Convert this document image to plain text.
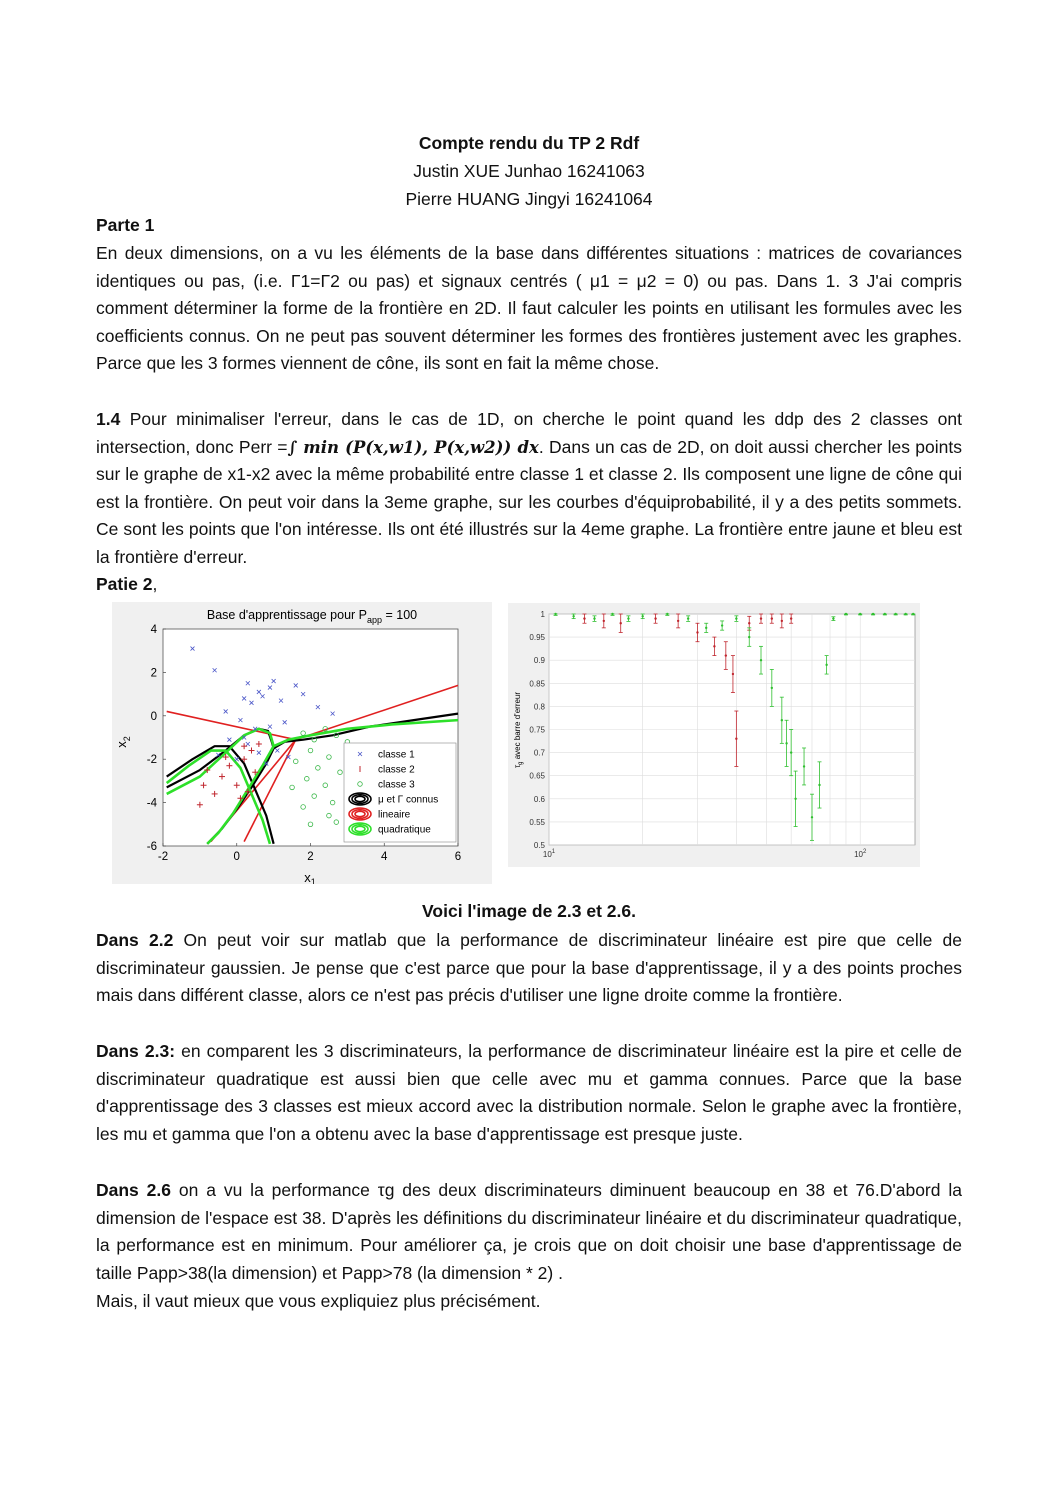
Compte rendu du TP 2 Rdf
Justin XUE Junhao 16241063
Pierre HUANG Jingyi 16241064
Parte 1

En deux dimensions, on a vu les éléments de la base dans différentes situations : matrices de covariances identiques ou pas, (i.e. Γ1=Γ2 ou pas) et signaux centrés ( μ1 = μ2 = 0) ou pas. Dans 1. 3 J'ai compris comment déterminer la forme de la frontière en 2D. Il faut calculer les points en utilisant les formules avec les coefficients connus. On ne peut pas souvent déterminer les formes des frontières justement avec les graphes. Parce que les 3 formes viennent de cône, ils sont en fait la même chose.

1.4 Pour minimaliser l'erreur, dans le cas de 1D, on cherche le point quand les ddp des 2 classes ont intersection, donc Perr =∫ min (P(x,w1), P(x,w2)) dx. Dans un cas de 2D, on doit aussi chercher les points sur le graphe de x1-x2 avec la même probabilité entre classe 1 et classe 2. Ils composent une ligne de cône qui est la frontière. On peut voir dans la 3eme graphe, sur les courbes d'équiprobabilité, il y a des petits sommets. Ce sont les points que l'on intéresse. Ils ont été illustrés sur la 4eme graphe. La frontière entre jaune et bleu est la frontière d'erreur.

Patie 2,
-2	0	2	4	6
4
2
0
-2
-4
-6
Base d'apprentissage pour $P_{app} = 100$
$x_2$
$x_1$
classe 1
classe 2
classe 3
μ et Γ connus
lineaire
quadratique
1
0.95
0.9
0.85
0.8
0.75
0.7
0.65
0.6
0.55
0.5
$10^1$	$10^2$
$\tau_g$ avec barre d'erreur
Voici l'image de 2.3 et 2.6.

Dans 2.2 On peut voir sur matlab que la performance de discriminateur linéaire est pire que celle de discriminateur gaussien. Je pense que c'est parce que pour la base d'apprentissage, il y a des points proches mais dans différent classe, alors ce n'est pas précis d'utiliser une ligne droite comme la frontière.

Dans 2.3: en comparent les 3 discriminateurs, la performance de discriminateur linéaire est la pire et celle de discriminateur quadratique est aussi bien que celle avec mu et gamma connues. Parce que la base d'apprentissage des 3 classes est mieux accord avec la distribution normale. Selon le graphe avec la frontière, les mu et gamma que l'on a obtenu avec la base d'apprentissage est presque juste.

Dans 2.6 on a vu la performance τg des deux discriminateurs diminuent beaucoup en 38 et 76.D'abord la dimension de l'espace est 38. D'après les définitions du discriminateur linéaire et du discriminateur quadratique, la performance est en minimum. Pour améliorer ça, je crois que on doit choisir une base d'apprentissage de taille Papp>38(la dimension) et Papp>78 (la dimension * 2) .

Mais, il vaut mieux que vous expliquiez plus précisément.
